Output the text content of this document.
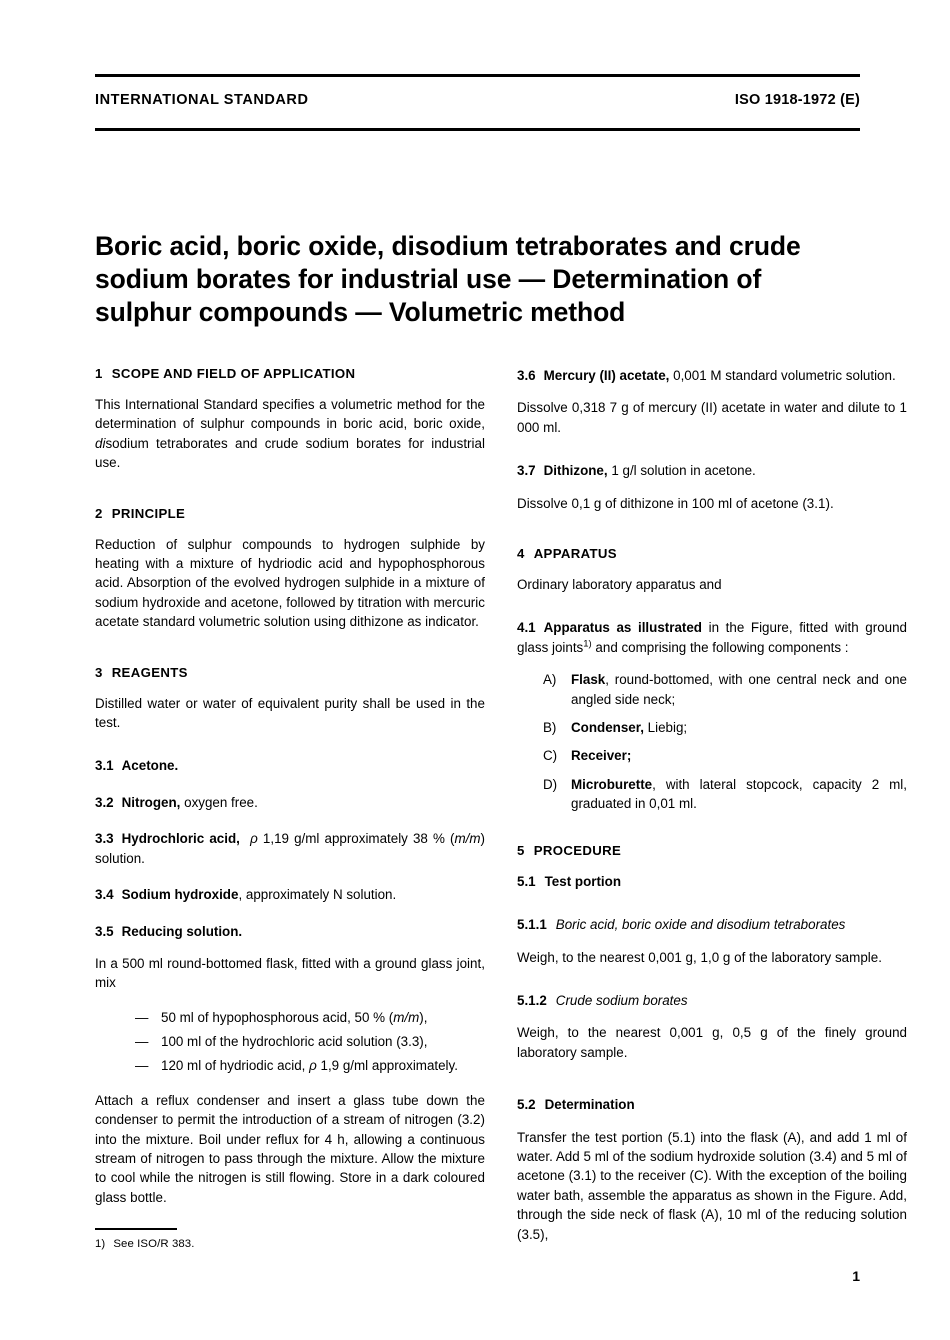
INTERNATIONAL STANDARD	ISO 1918-1972 (E)
Boric acid, boric oxide, disodium tetraborates and crude sodium borates for industrial use — Determination of sulphur compounds — Volumetric method
1 SCOPE AND FIELD OF APPLICATION

This International Standard specifies a volumetric method for the determination of sulphur compounds in boric acid, boric oxide, disodium tetraborates and crude sodium borates for industrial use.

2 PRINCIPLE

Reduction of sulphur compounds to hydrogen sulphide by heating with a mixture of hydriodic acid and hypophosphorous acid. Absorption of the evolved hydrogen sulphide in a mixture of sodium hydroxide and acetone, followed by titration with mercuric acetate standard volumetric solution using dithizone as indicator.

3 REAGENTS

Distilled water or water of equivalent purity shall be used in the test.

3.1 Acetone.

3.2 Nitrogen, oxygen free.

3.3 Hydrochloric acid, ρ 1,19 g/ml approximately 38 % (m/m) solution.

3.4 Sodium hydroxide, approximately N solution.

3.5 Reducing solution.

In a 500 ml round-bottomed flask, fitted with a ground glass joint, mix

— 50 ml of hypophosphorous acid, 50 % (m/m),
— 100 ml of the hydrochloric acid solution (3.3),
— 120 ml of hydriodic acid, ρ 1,9 g/ml approximately.

Attach a reflux condenser and insert a glass tube down the condenser to permit the introduction of a stream of nitrogen (3.2) into the mixture. Boil under reflux for 4 h, allowing a continuous stream of nitrogen to pass through the mixture. Allow the mixture to cool while the nitrogen is still flowing. Store in a dark coloured glass bottle.

3.6 Mercury (II) acetate, 0,001 M standard volumetric solution.

Dissolve 0,318 7 g of mercury (II) acetate in water and dilute to 1 000 ml.

3.7 Dithizone, 1 g/l solution in acetone.

Dissolve 0,1 g of dithizone in 100 ml of acetone (3.1).

4 APPARATUS

Ordinary laboratory apparatus and

4.1 Apparatus as illustrated in the Figure, fitted with ground glass joints$^{1)}$ and comprising the following components :

A) Flask, round-bottomed, with one central neck and one angled side neck;

B) Condenser, Liebig;

C) Receiver;

D) Microburette, with lateral stopcock, capacity 2 ml, graduated in 0,01 ml.

5 PROCEDURE

5.1 Test portion

5.1.1 Boric acid, boric oxide and disodium tetraborates

Weigh, to the nearest 0,001 g, 1,0 g of the laboratory sample.

5.1.2 Crude sodium borates

Weigh, to the nearest 0,001 g, 0,5 g of the finely ground laboratory sample.

5.2 Determination

Transfer the test portion (5.1) into the flask (A), and add 1 ml of water. Add 5 ml of the sodium hydroxide solution (3.4) and 5 ml of acetone (3.1) to the receiver (C). With the exception of the boiling water bath, assemble the apparatus as shown in the Figure. Add, through the side neck of flask (A), 10 ml of the reducing solution (3.5),

1) See ISO/R 383.
1
